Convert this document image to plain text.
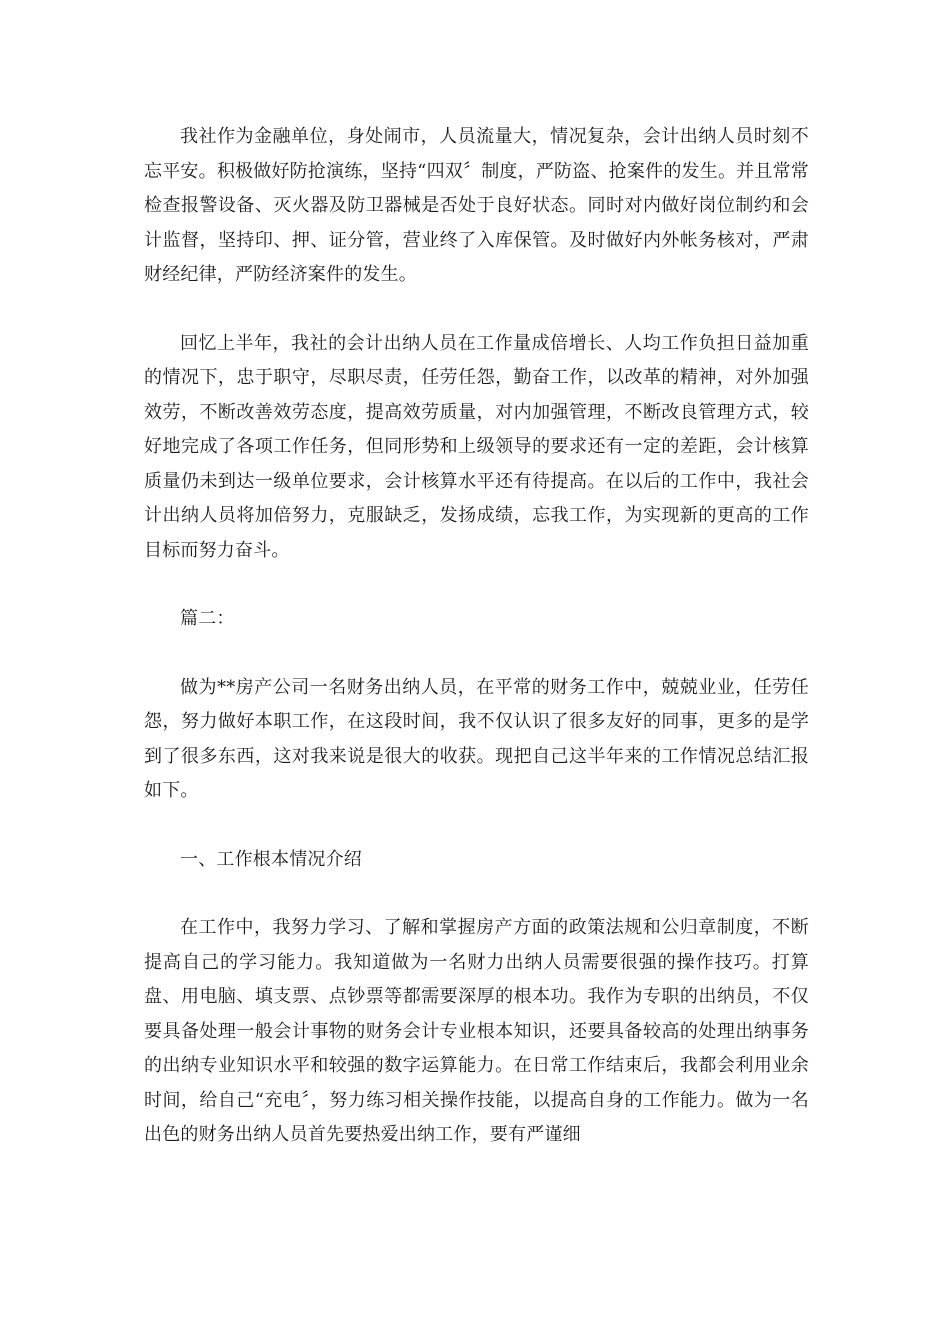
我社作为金融单位，身处闹市，人员流量大，情况复杂，会计出纳人员时刻不忘平安。积极做好防抢演练，坚持“四双〞制度，严防盗、抢案件的发生。并且常常检查报警设备、灭火器及防卫器械是否处于良好状态。同时对内做好岗位制约和会计监督，坚持印、押、证分管，营业终了入库保管。及时做好内外帐务核对，严肃财经纪律，严防经济案件的发生。

回忆上半年，我社的会计出纳人员在工作量成倍增长、人均工作负担日益加重的情况下，忠于职守，尽职尽责，任劳任怨，勤奋工作，以改革的精神，对外加强效劳，不断改善效劳态度，提高效劳质量，对内加强管理，不断改良管理方式，较好地完成了各项工作任务，但同形势和上级领导的要求还有一定的差距，会计核算质量仍未到达一级单位要求，会计核算水平还有待提高。在以后的工作中，我社会计出纳人员将加倍努力，克服缺乏，发扬成绩，忘我工作，为实现新的更高的工作目标而努力奋斗。

篇二：

做为**房产公司一名财务出纳人员，在平常的财务工作中，兢兢业业，任劳任怨，努力做好本职工作，在这段时间，我不仅认识了很多友好的同事，更多的是学到了很多东西，这对我来说是很大的收获。现把自己这半年来的工作情况总结汇报如下。

一、工作根本情况介绍

在工作中，我努力学习、了解和掌握房产方面的政策法规和公归章制度，不断提高自己的学习能力。我知道做为一名财力出纳人员需要很强的操作技巧。打算盘、用电脑、填支票、点钞票等都需要深厚的根本功。我作为专职的出纳员，不仅要具备处理一般会计事物的财务会计专业根本知识，还要具备较高的处理出纳事务的出纳专业知识水平和较强的数字运算能力。在日常工作结束后，我都会利用业余时间，给自己“充电〞，努力练习相关操作技能，以提高自身的工作能力。做为一名出色的财务出纳人员首先要热爱出纳工作，要有严谨细
